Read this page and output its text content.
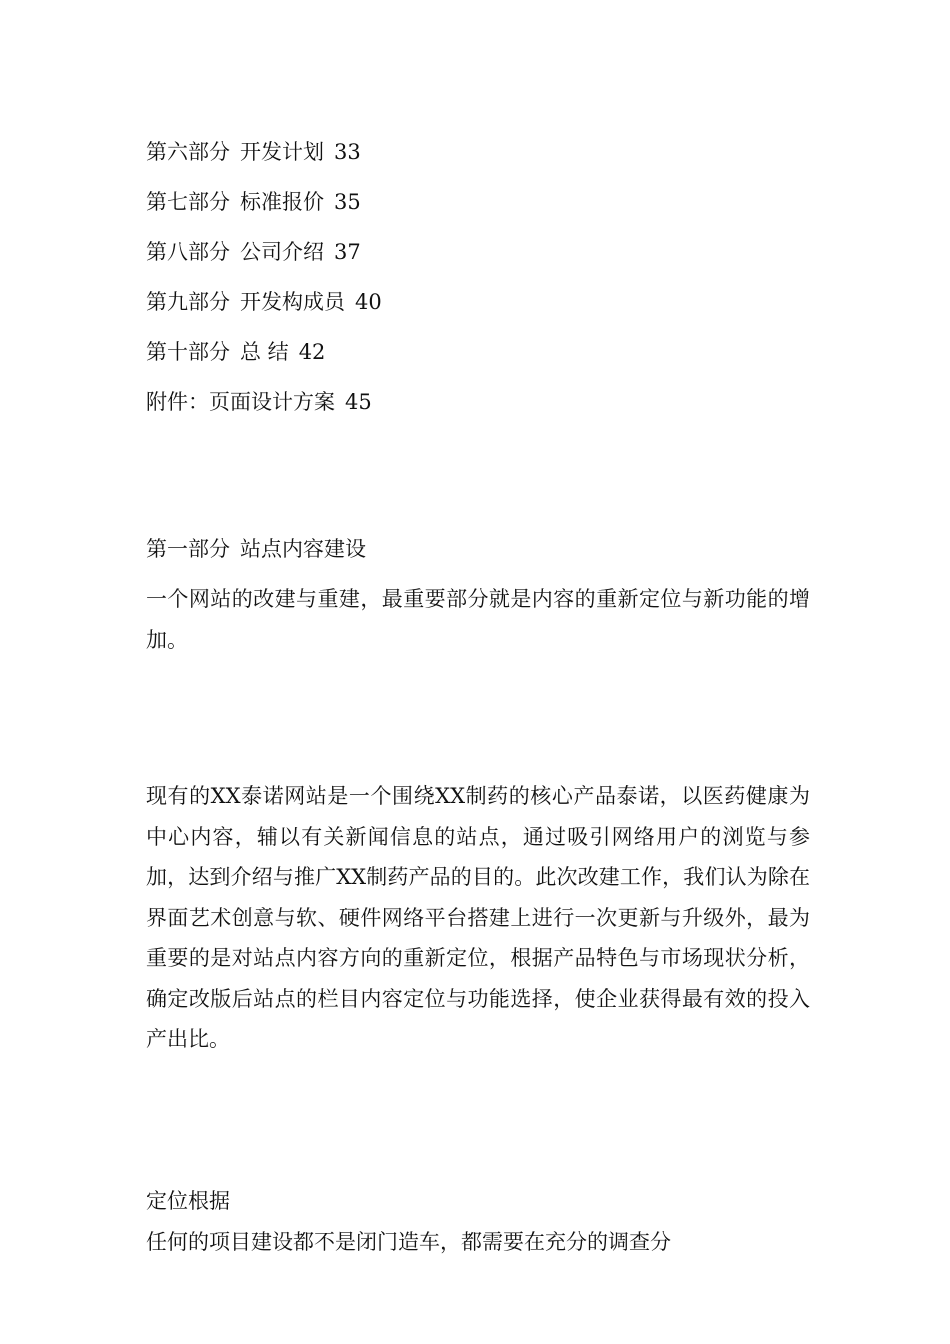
第六部分 开发计划 33
第七部分 标准报价 35
第八部分 公司介绍 37
第九部分 开发构成员 40
第十部分 总 结 42
附件：页面设计方案 45
第一部分 站点内容建设
一个网站的改建与重建，最重要部分就是内容的重新定位与新功能的增加。
现有的XX泰诺网站是一个围绕XX制药的核心产品泰诺，以医药健康为中心内容，辅以有关新闻信息的站点，通过吸引网络用户的浏览与参加，达到介绍与推广XX制药产品的目的。此次改建工作，我们认为除在界面艺术创意与软、硬件网络平台搭建上进行一次更新与升级外，最为重要的是对站点内容方向的重新定位，根据产品特色与市场现状分析，确定改版后站点的栏目内容定位与功能选择，使企业获得最有效的投入产出比。
定位根据
任何的项目建设都不是闭门造车，都需要在充分的调查分
